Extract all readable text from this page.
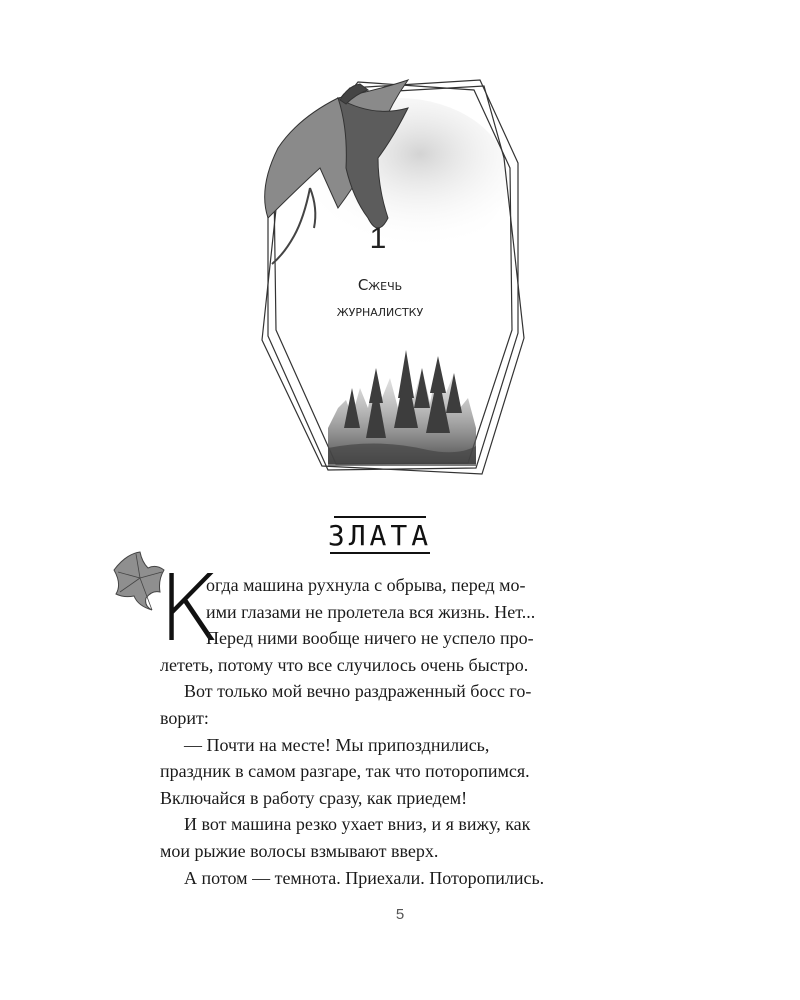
1
Сжечь
журналистку
ЗЛАТА
К

огда машина рухнула с обрыва, перед мо-
ими глазами не пролетела вся жизнь. Нет...
Перед ними вообще ничего не успело про-
лететь, потому что все случилось очень быстро.

Вот только мой вечно раздраженный босс го-
ворит:

— Почти на месте! Мы припозднились,
праздник в самом разгаре, так что поторопимся.
Включайся в работу сразу, как приедем!

И вот машина резко ухает вниз, и я вижу, как
мои рыжие волосы взмывают вверх.

А потом — темнота. Приехали. Поторопились.

5
